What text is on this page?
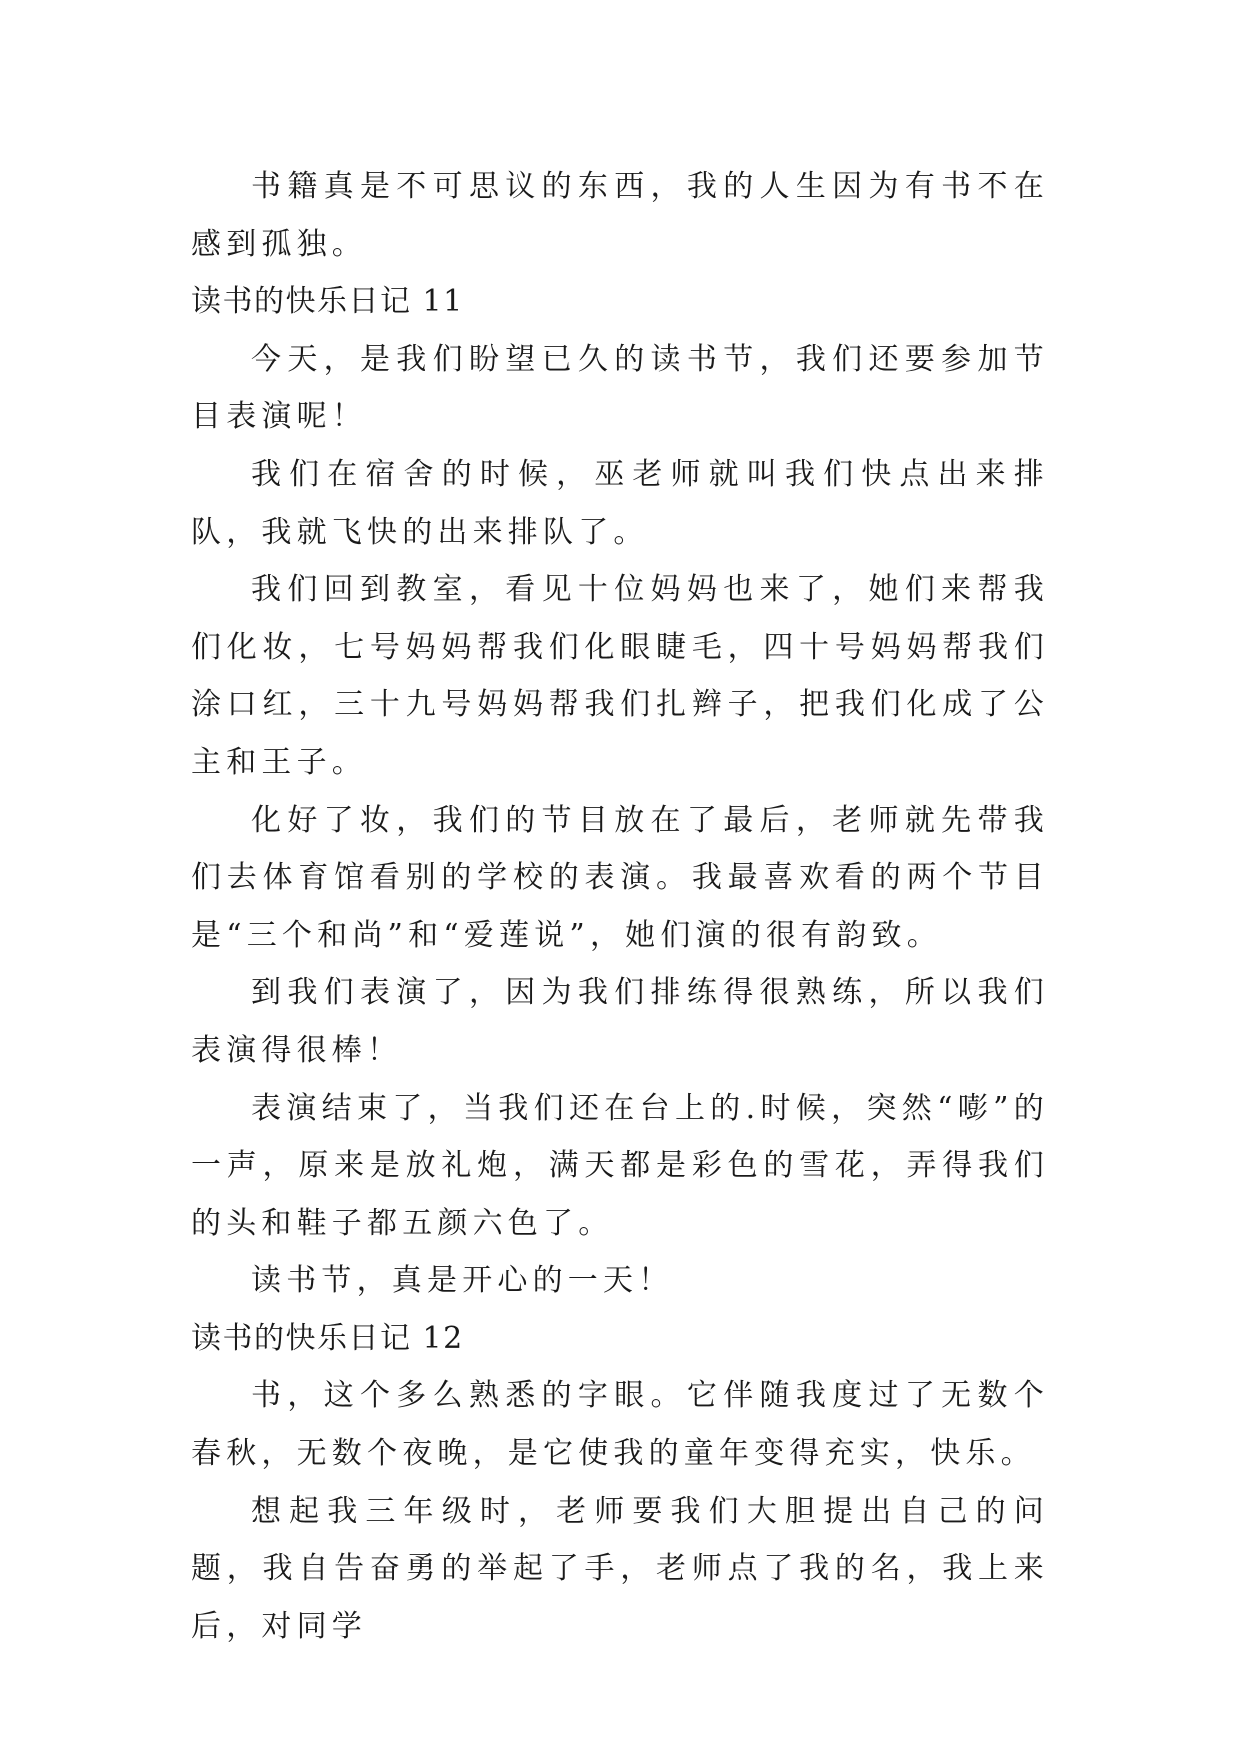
书籍真是不可思议的东西，我的人生因为有书不在感到孤独。

读书的快乐日记 11

今天，是我们盼望已久的读书节，我们还要参加节目表演呢！

我们在宿舍的时候，巫老师就叫我们快点出来排队，我就飞快的出来排队了。

我们回到教室，看见十位妈妈也来了，她们来帮我们化妆，七号妈妈帮我们化眼睫毛，四十号妈妈帮我们涂口红，三十九号妈妈帮我们扎辫子，把我们化成了公主和王子。

化好了妆，我们的节目放在了最后，老师就先带我们去体育馆看别的学校的表演。我最喜欢看的两个节目是“三个和尚”和“爱莲说”，她们演的很有韵致。

到我们表演了，因为我们排练得很熟练，所以我们表演得很棒！

表演结束了，当我们还在台上的.时候，突然“嘭”的一声，原来是放礼炮，满天都是彩色的雪花，弄得我们的头和鞋子都五颜六色了。

读书节，真是开心的一天！

读书的快乐日记 12

书，这个多么熟悉的字眼。它伴随我度过了无数个春秋，无数个夜晚，是它使我的童年变得充实，快乐。

想起我三年级时，老师要我们大胆提出自己的问题，我自告奋勇的举起了手，老师点了我的名，我上来后，对同学
